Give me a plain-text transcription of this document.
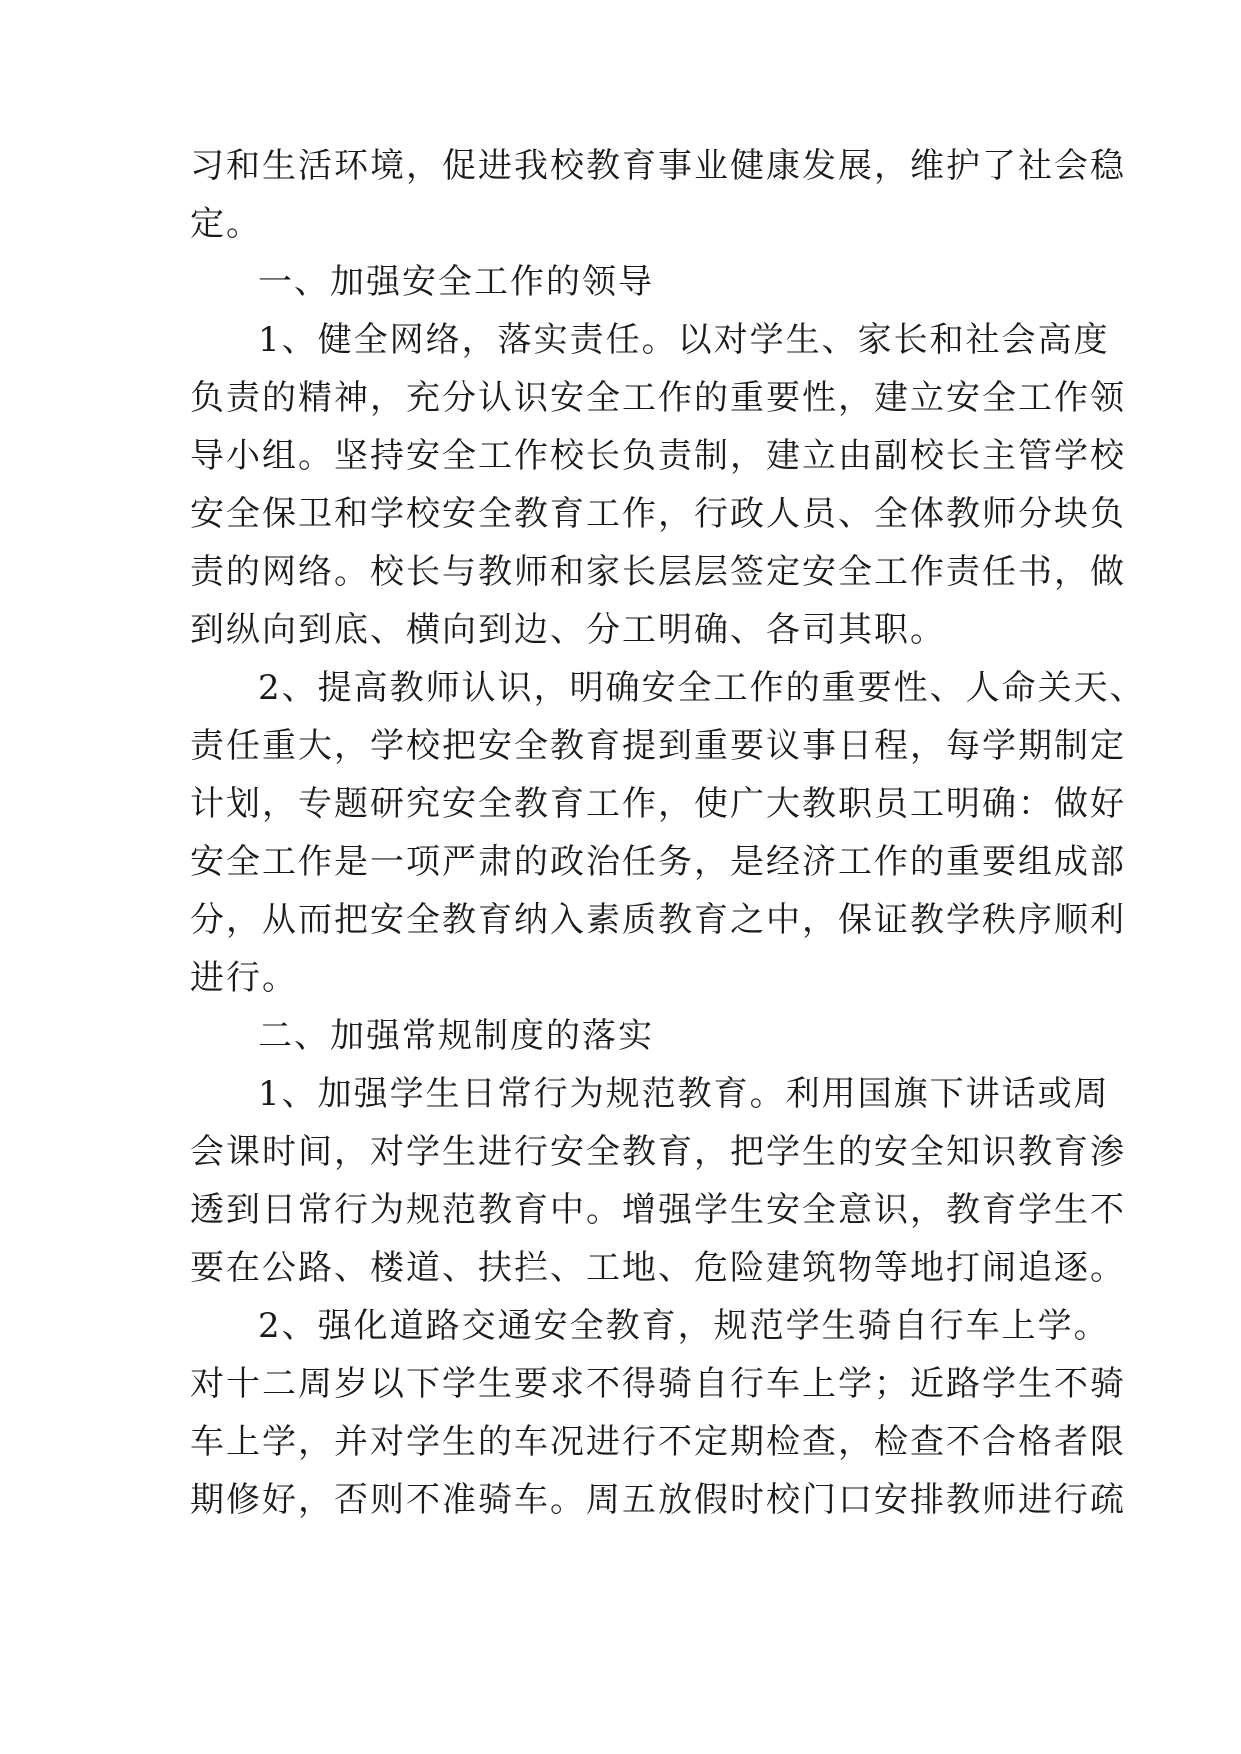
习和生活环境，促进我校教育事业健康发展，维护了社会稳
定。
一、加强安全工作的领导
1、健全网络，落实责任。以对学生、家长和社会高度
负责的精神，充分认识安全工作的重要性，建立安全工作领
导小组。坚持安全工作校长负责制，建立由副校长主管学校
安全保卫和学校安全教育工作，行政人员、全体教师分块负
责的网络。校长与教师和家长层层签定安全工作责任书，做
到纵向到底、横向到边、分工明确、各司其职。
2、提高教师认识，明确安全工作的重要性、人命关天、
责任重大，学校把安全教育提到重要议事日程，每学期制定
计划，专题研究安全教育工作，使广大教职员工明确：做好
安全工作是一项严肃的政治任务，是经济工作的重要组成部
分，从而把安全教育纳入素质教育之中，保证教学秩序顺利
进行。
二、加强常规制度的落实
1、加强学生日常行为规范教育。利用国旗下讲话或周
会课时间，对学生进行安全教育，把学生的安全知识教育渗
透到日常行为规范教育中。增强学生安全意识，教育学生不
要在公路、楼道、扶拦、工地、危险建筑物等地打闹追逐。
2、强化道路交通安全教育，规范学生骑自行车上学。
对十二周岁以下学生要求不得骑自行车上学；近路学生不骑
车上学，并对学生的车况进行不定期检查，检查不合格者限
期修好，否则不准骑车。周五放假时校门口安排教师进行疏
